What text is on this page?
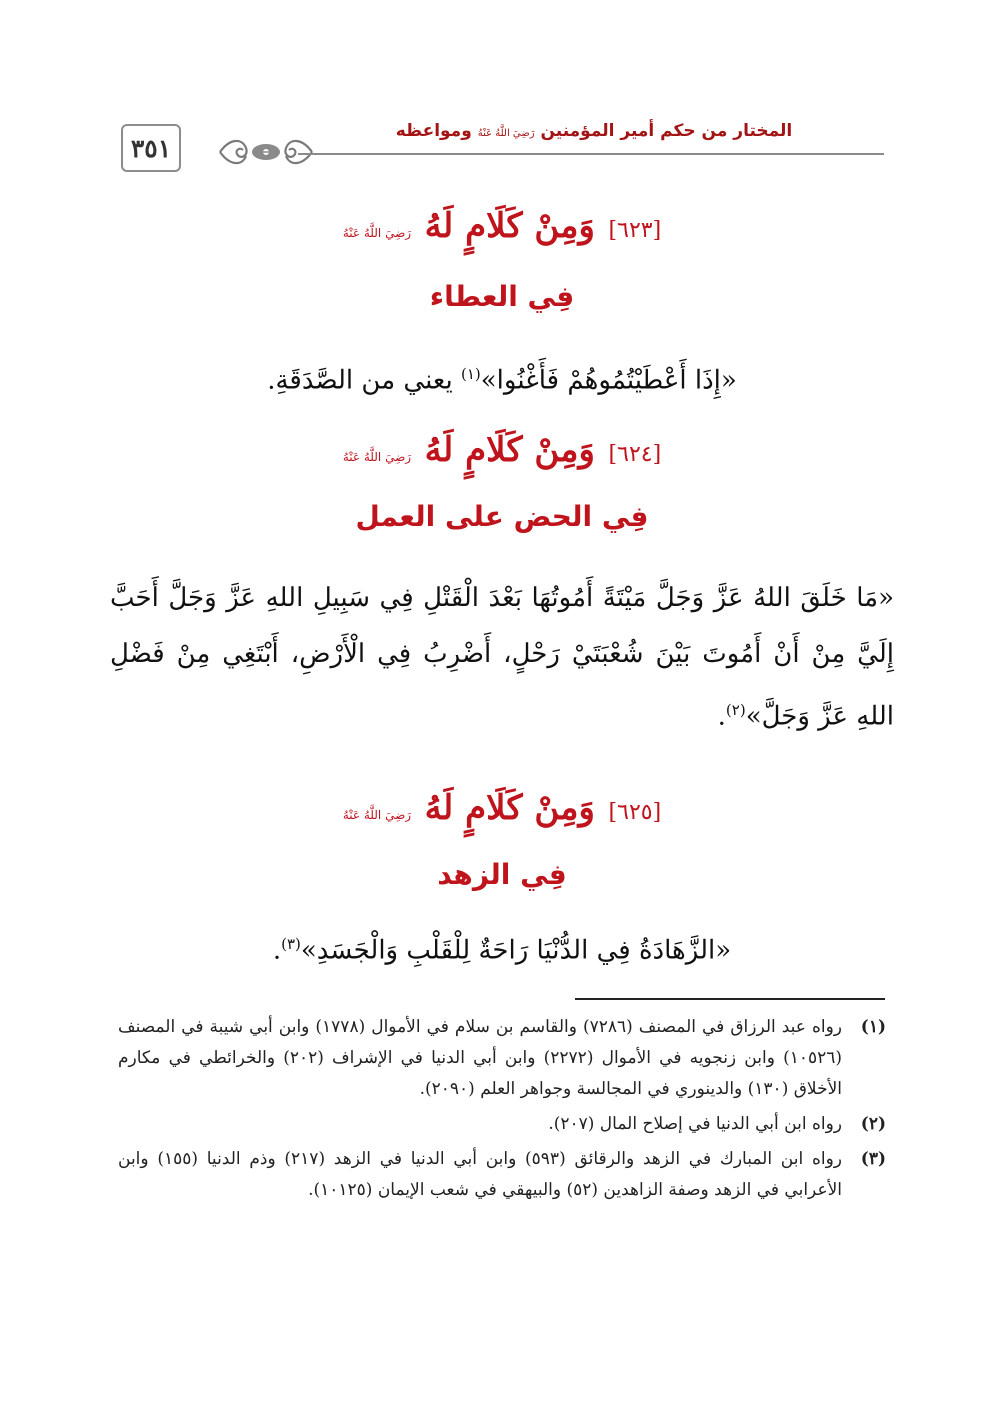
٣٥١
المختار من حكم أمير المؤمنين رَضِيَ اللَّهُ عَنْهُ ومواعظه
[٦٢٣] وَمِنْ كَلَامٍ لَهُ رَضِيَ اللَّهُ عَنْهُ
فِي العطاء
«إِذَا أَعْطَيْتُمُوهُمْ فَأَغْنُوا»$^{(١)}$ يعني من الصَّدَقَةِ.
[٦٢٤] وَمِنْ كَلَامٍ لَهُ رَضِيَ اللَّهُ عَنْهُ
فِي الحض على العمل
«مَا خَلَقَ اللهُ عَزَّ وَجَلَّ مَيْتَةً أَمُوتُهَا بَعْدَ الْقَتْلِ فِي سَبِيلِ اللهِ عَزَّ وَجَلَّ أَحَبَّ إِلَيَّ مِنْ أَنْ أَمُوتَ بَيْنَ شُعْبَتَيْ رَحْلٍ، أَضْرِبُ فِي الْأَرْضِ، أَبْتَغِي مِنْ فَضْلِ اللهِ عَزَّ وَجَلَّ»$^{(٢)}$.
[٦٢٥] وَمِنْ كَلَامٍ لَهُ رَضِيَ اللَّهُ عَنْهُ
فِي الزهد
«الزَّهَادَةُ فِي الدُّنْيَا رَاحَةٌ لِلْقَلْبِ وَالْجَسَدِ»$^{(٣)}$.
(١)
رواه عبد الرزاق في المصنف (٧٢٨٦) والقاسم بن سلام في الأموال (١٧٧٨) وابن أبي شيبة في المصنف (١٠٥٢٦) وابن زنجويه في الأموال (٢٢٧٢) وابن أبي الدنيا في الإشراف (٢٠٢) والخرائطي في مكارم الأخلاق (١٣٠) والدينوري في المجالسة وجواهر العلم (٢٠٩٠).
(٢)
رواه ابن أبي الدنيا في إصلاح المال (٢٠٧).
(٣)
رواه ابن المبارك في الزهد والرقائق (٥٩٣) وابن أبي الدنيا في الزهد (٢١٧) وذم الدنيا (١٥٥) وابن الأعرابي في الزهد وصفة الزاهدين (٥٢) والبيهقي في شعب الإيمان (١٠١٢٥).
